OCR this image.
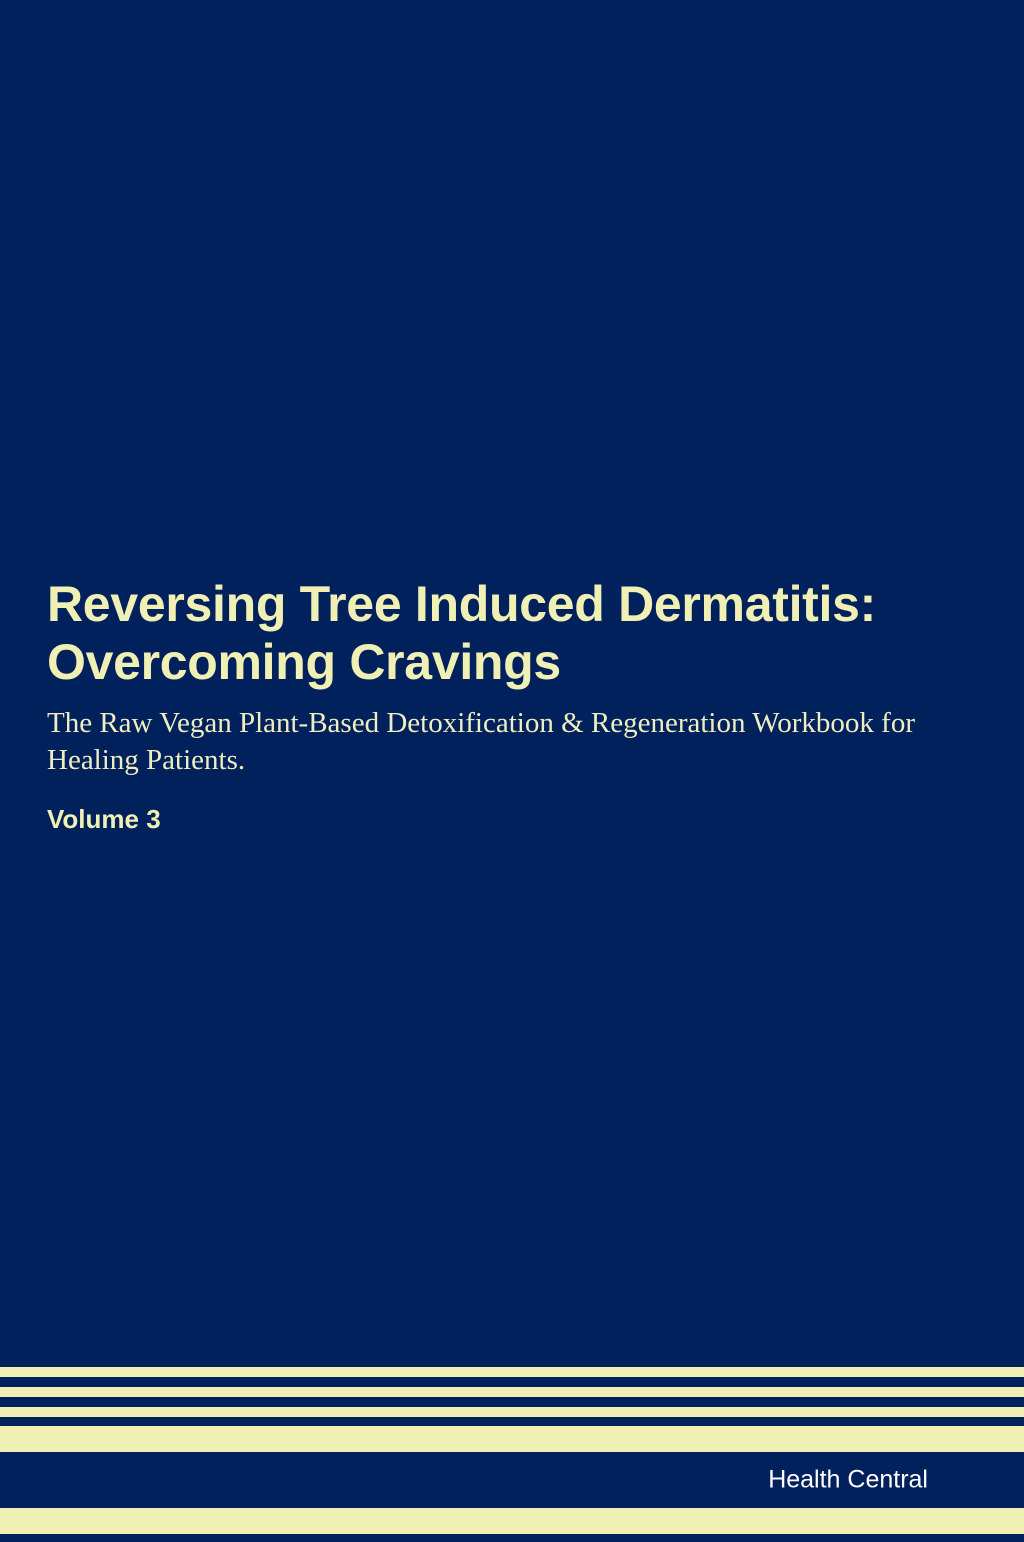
Reversing Tree Induced Dermatitis: Overcoming Cravings

The Raw Vegan Plant-Based Detoxification & Regeneration Workbook for Healing Patients.

Volume 3

Health Central
